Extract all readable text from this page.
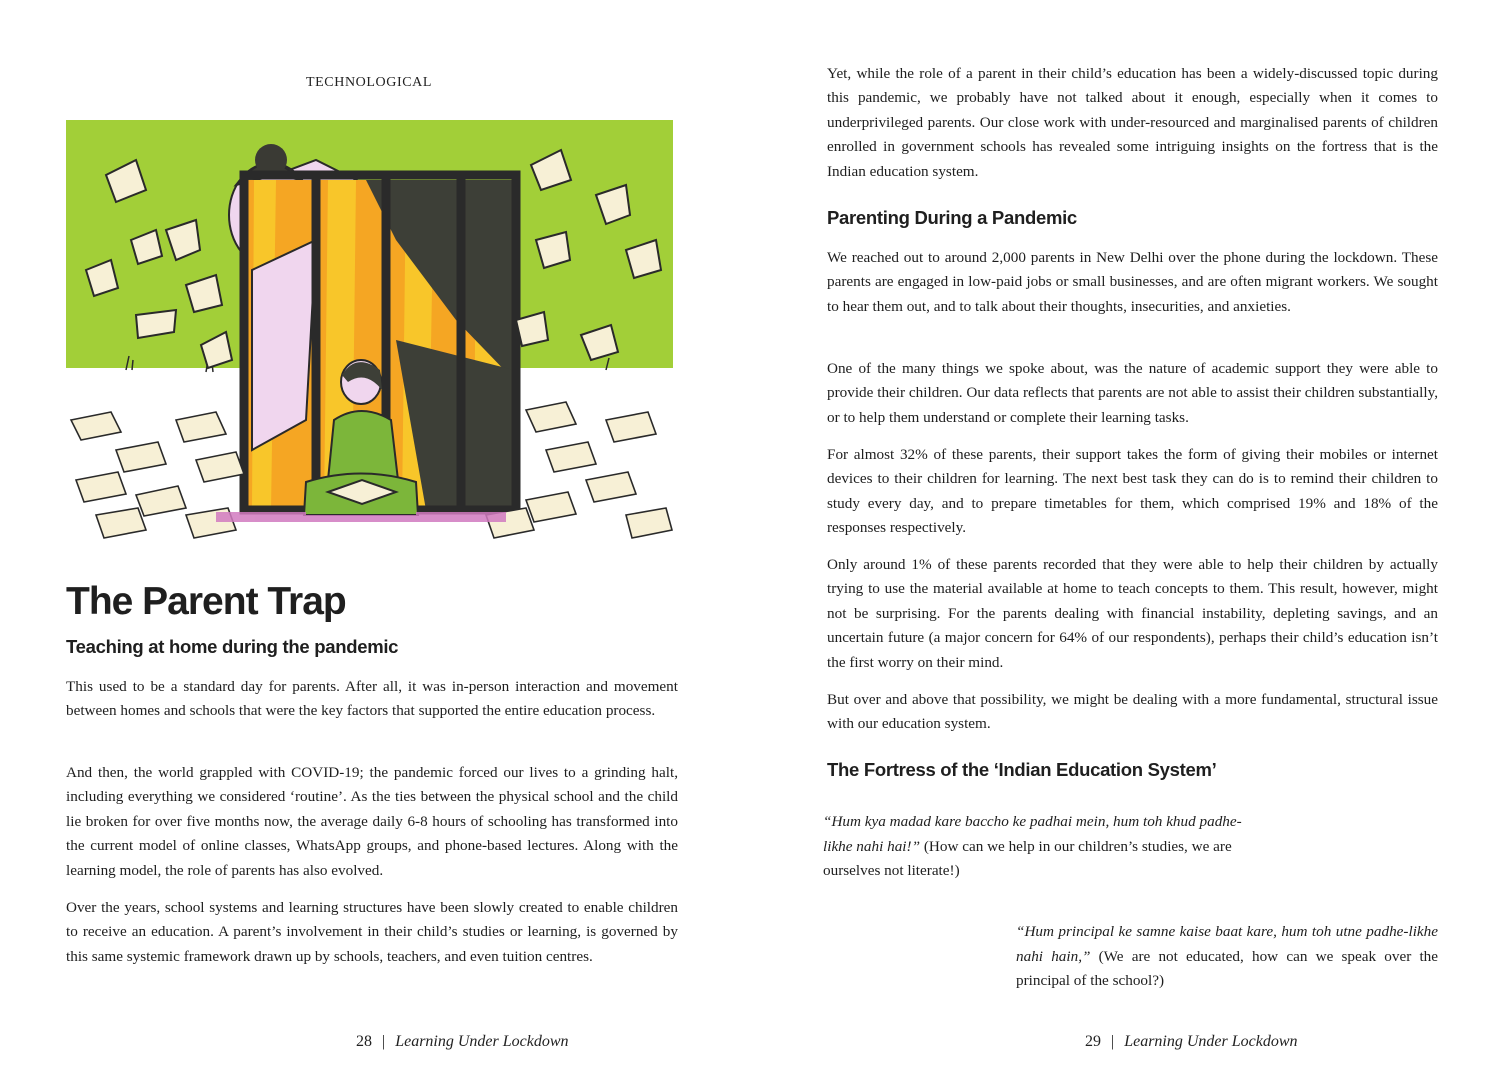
TECHNOLOGICAL
The Parent Trap
Teaching at home during the pandemic

This used to be a standard day for parents. After all, it was in-person interaction and movement between homes and schools that were the key factors that supported the entire education process.

And then, the world grappled with COVID-19; the pandemic forced our lives to a grinding halt, including everything we considered ‘routine’. As the ties between the physical school and the child lie broken for over five months now, the average daily 6-8 hours of schooling has transformed into the current model of online classes, WhatsApp groups, and phone-based lectures. Along with the learning model, the role of parents has also evolved.

Over the years, school systems and learning structures have been slowly created to enable children to receive an education. A parent’s involvement in their child’s studies or learning, is governed by this same systemic framework drawn up by schools, teachers, and even tuition centres.

28 | Learning Under Lockdown

Yet, while the role of a parent in their child’s education has been a widely-discussed topic during this pandemic, we probably have not talked about it enough, especially when it comes to underprivileged parents. Our close work with under-resourced and marginalised parents of children enrolled in government schools has revealed some intriguing insights on the fortress that is the Indian education system.

Parenting During a Pandemic

We reached out to around 2,000 parents in New Delhi over the phone during the lockdown. These parents are engaged in low-paid jobs or small businesses, and are often migrant workers. We sought to hear them out, and to talk about their thoughts, insecurities, and anxieties.

One of the many things we spoke about, was the nature of academic support they were able to provide their children. Our data reflects that parents are not able to assist their children substantially, or to help them understand or complete their learning tasks.

For almost 32% of these parents, their support takes the form of giving their mobiles or internet devices to their children for learning. The next best task they can do is to remind their children to study every day, and to prepare timetables for them, which comprised 19% and 18% of the responses respectively.

Only around 1% of these parents recorded that they were able to help their children by actually trying to use the material available at home to teach concepts to them. This result, however, might not be surprising. For the parents dealing with financial instability, depleting savings, and an uncertain future (a major concern for 64% of our respondents), perhaps their child’s education isn’t the first worry on their mind.

But over and above that possibility, we might be dealing with a more fundamental, structural issue with our education system.

The Fortress of the ‘Indian Education System’

“Hum kya madad kare baccho ke padhai mein, hum toh khud padhe-likhe nahi hai!” (How can we help in our children’s studies, we are ourselves not literate!)

“Hum principal ke samne kaise baat kare, hum toh utne padhe-likhe nahi hain,” (We are not educated, how can we speak over the principal of the school?)

29 | Learning Under Lockdown
